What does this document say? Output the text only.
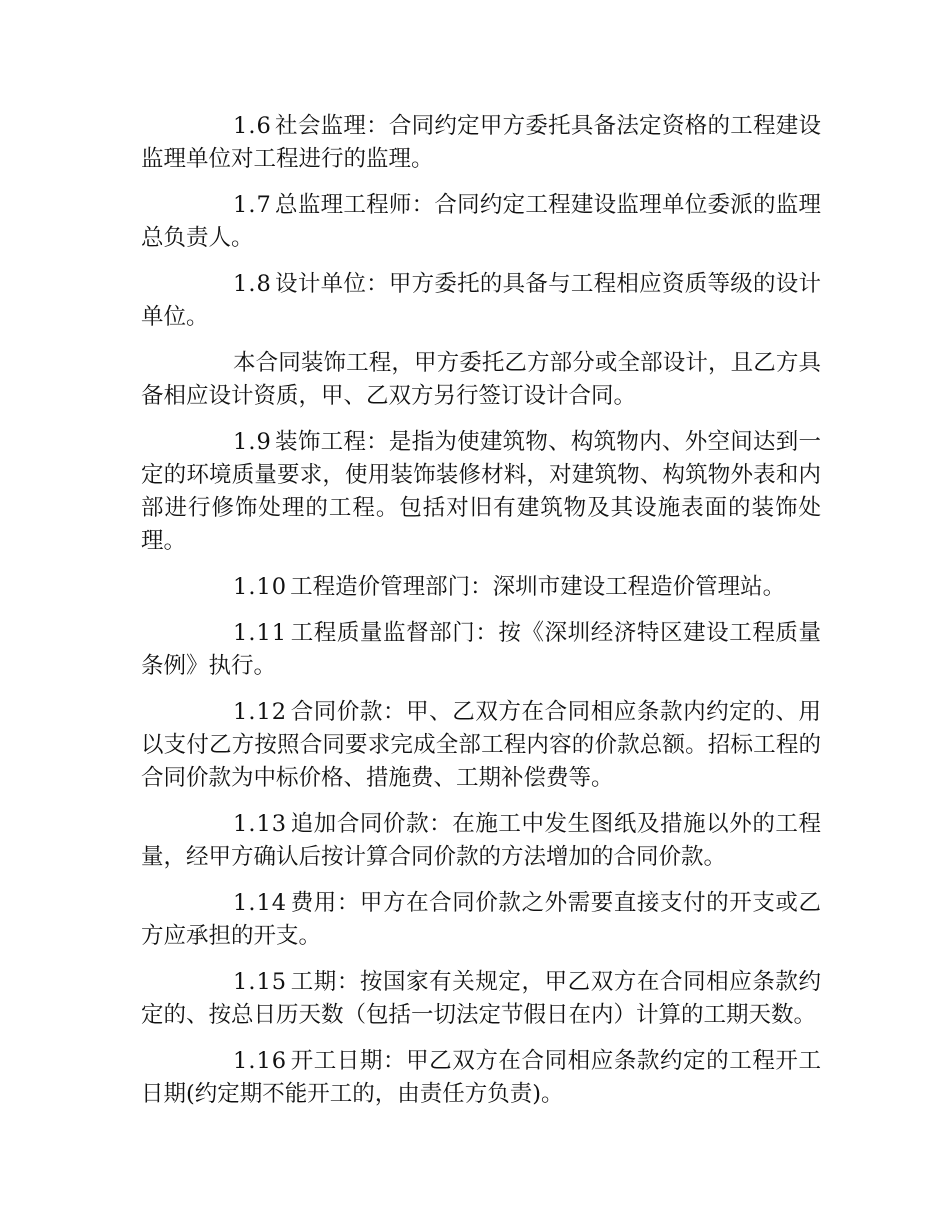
1.6 社会监理：合同约定甲方委托具备法定资格的工程建设监理单位对工程进行的监理。

1.7 总监理工程师：合同约定工程建设监理单位委派的监理总负责人。

1.8 设计单位：甲方委托的具备与工程相应资质等级的设计单位。

本合同装饰工程，甲方委托乙方部分或全部设计，且乙方具备相应设计资质，甲、乙双方另行签订设计合同。

1.9 装饰工程：是指为使建筑物、构筑物内、外空间达到一定的环境质量要求，使用装饰装修材料，对建筑物、构筑物外表和内部进行修饰处理的工程。包括对旧有建筑物及其设施表面的装饰处理。

1.10 工程造价管理部门：深圳市建设工程造价管理站。

1.11 工程质量监督部门：按《深圳经济特区建设工程质量条例》执行。

1.12 合同价款：甲、乙双方在合同相应条款内约定的、用以支付乙方按照合同要求完成全部工程内容的价款总额。招标工程的合同价款为中标价格、措施费、工期补偿费等。

1.13 追加合同价款：在施工中发生图纸及措施以外的工程量，经甲方确认后按计算合同价款的方法增加的合同价款。

1.14 费用：甲方在合同价款之外需要直接支付的开支或乙方应承担的开支。

1.15 工期：按国家有关规定，甲乙双方在合同相应条款约定的、按总日历天数（包括一切法定节假日在内）计算的工期天数。

1.16 开工日期：甲乙双方在合同相应条款约定的工程开工日期(约定期不能开工的，由责任方负责)。
